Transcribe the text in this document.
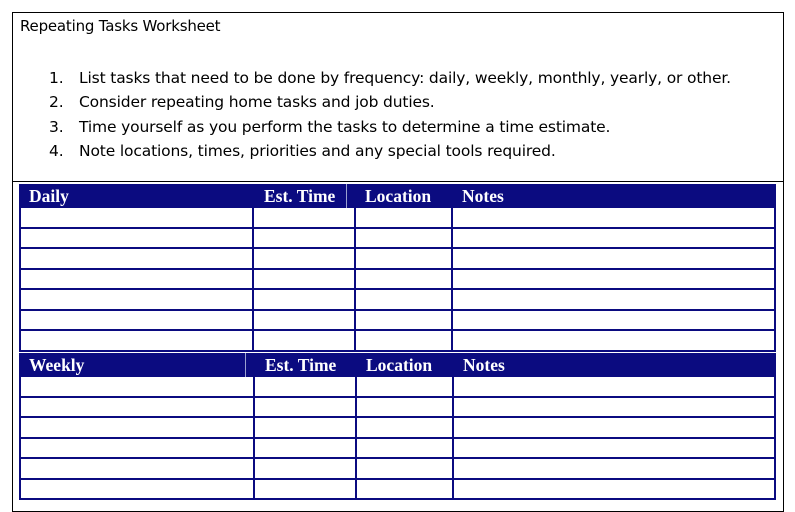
Repeating Tasks Worksheet
1. List tasks that need to be done by frequency: daily, weekly, monthly, yearly, or other.
2. Consider repeating home tasks and job duties.
3. Time yourself as you perform the tasks to determine a time estimate.
4. Note locations, times, priorities and any special tools required.
Daily	Est. Time Location Notes
Weekly	Est. Time Location Notes
